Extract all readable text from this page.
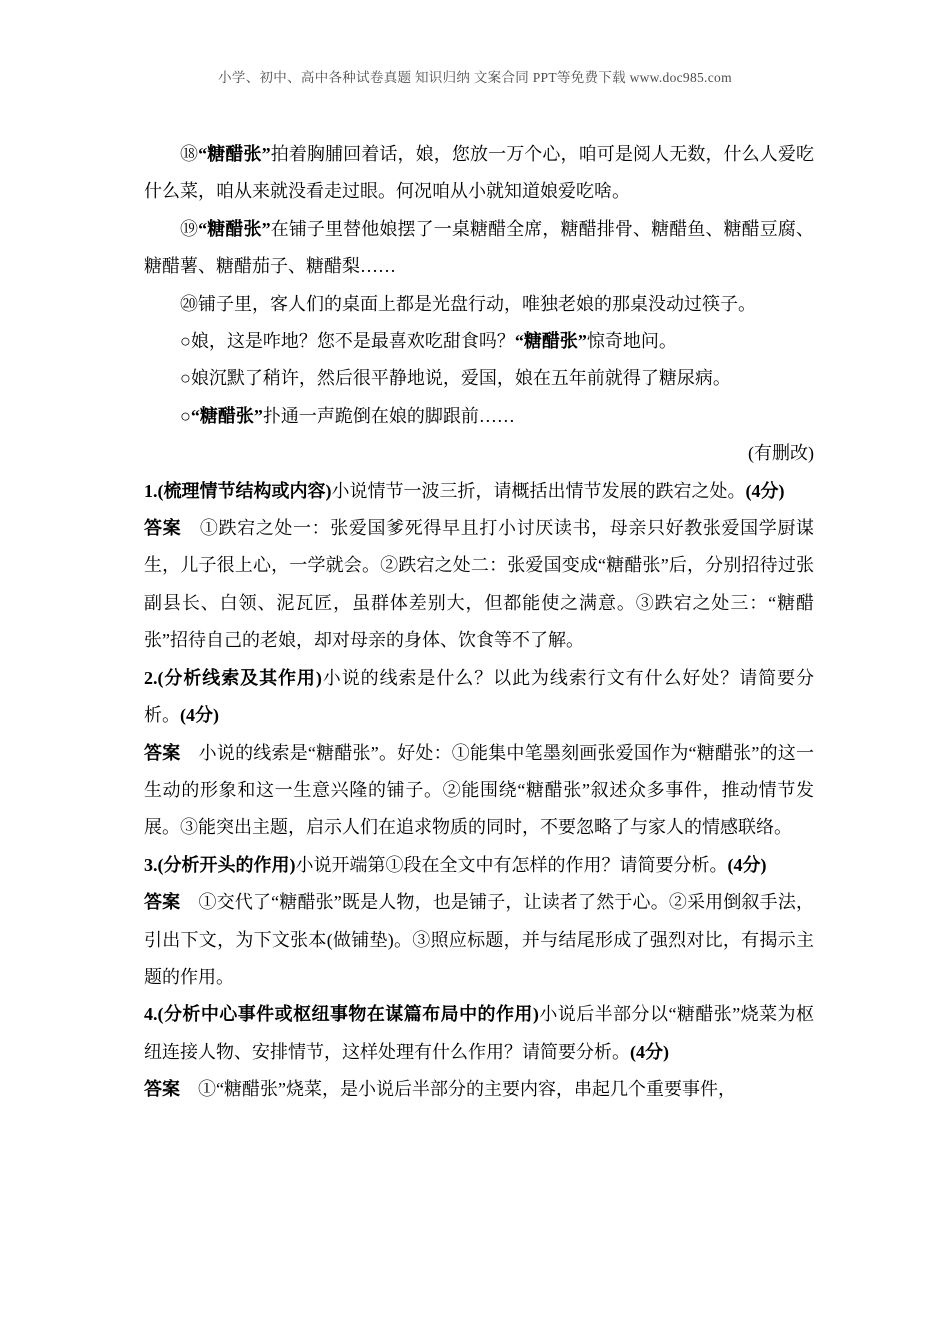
小学、初中、高中各种试卷真题 知识归纳 文案合同 PPT等免费下载 www.doc985.com

⑱“糖醋张”拍着胸脯回着话，娘，您放一万个心，咱可是阅人无数，什么人爱吃什么菜，咱从来就没看走过眼。何况咱从小就知道娘爱吃啥。

⑲“糖醋张”在铺子里替他娘摆了一桌糖醋全席，糖醋排骨、糖醋鱼、糖醋豆腐、糖醋薯、糖醋茄子、糖醋梨……

⑳铺子里，客人们的桌面上都是光盘行动，唯独老娘的那桌没动过筷子。

○娘，这是咋地？您不是最喜欢吃甜食吗？“糖醋张”惊奇地问。

○娘沉默了稍许，然后很平静地说，爱国，娘在五年前就得了糖尿病。

○“糖醋张”扑通一声跪倒在娘的脚跟前……

(有删改)

1.(梳理情节结构或内容)小说情节一波三折，请概括出情节发展的跌宕之处。(4分)

答案　①跌宕之处一：张爱国爹死得早且打小讨厌读书，母亲只好教张爱国学厨谋生，儿子很上心，一学就会。②跌宕之处二：张爱国变成“糖醋张”后，分别招待过张副县长、白领、泥瓦匠，虽群体差别大，但都能使之满意。③跌宕之处三：“糖醋张”招待自己的老娘，却对母亲的身体、饮食等不了解。

2.(分析线索及其作用)小说的线索是什么？以此为线索行文有什么好处？请简要分析。(4分)

答案　小说的线索是“糖醋张”。好处：①能集中笔墨刻画张爱国作为“糖醋张”的这一生动的形象和这一生意兴隆的铺子。②能围绕“糖醋张”叙述众多事件，推动情节发展。③能突出主题，启示人们在追求物质的同时，不要忽略了与家人的情感联络。

3.(分析开头的作用)小说开端第①段在全文中有怎样的作用？请简要分析。(4分)

答案　①交代了“糖醋张”既是人物，也是铺子，让读者了然于心。②采用倒叙手法，引出下文，为下文张本(做铺垫)。③照应标题，并与结尾形成了强烈对比，有揭示主题的作用。

4.(分析中心事件或枢纽事物在谋篇布局中的作用)小说后半部分以“糖醋张”烧菜为枢纽连接人物、安排情节，这样处理有什么作用？请简要分析。(4分)

答案　①“糖醋张”烧菜，是小说后半部分的主要内容，串起几个重要事件，
